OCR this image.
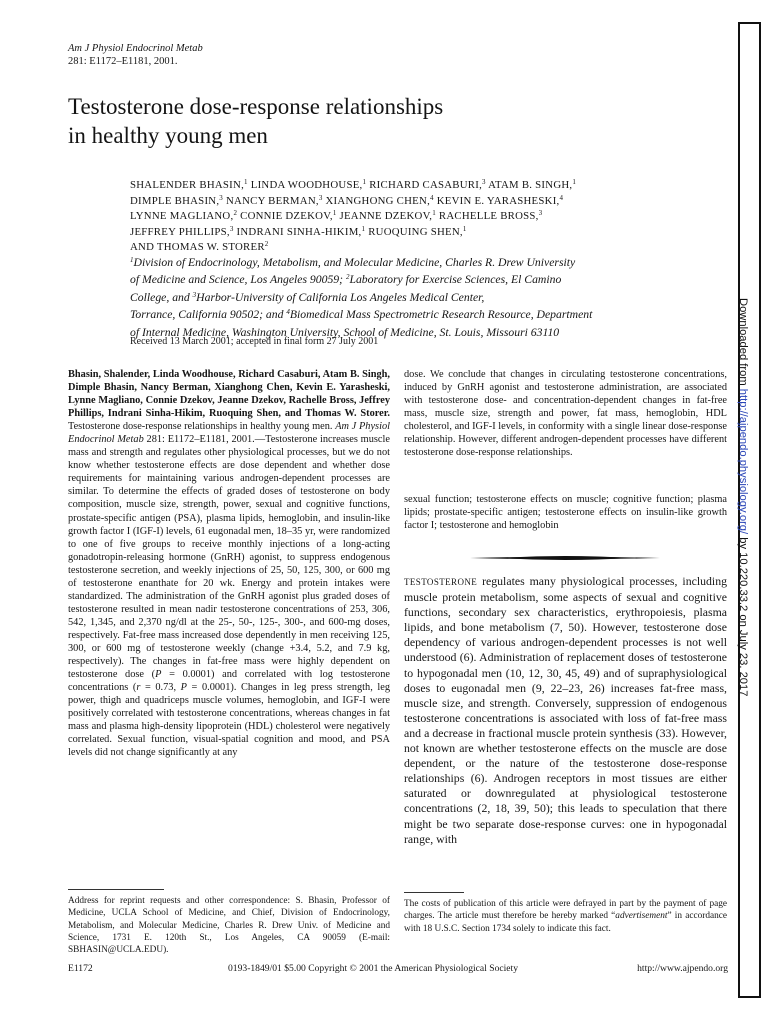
Downloaded from http://ajpendo.physiology.org/ by 10.220.33.2 on July 23, 2017
Am J Physiol Endocrinol Metab
281: E1172–E1181, 2001.
Testosterone dose-response relationships
in healthy young men
SHALENDER BHASIN,$^1$ LINDA WOODHOUSE,$^1$ RICHARD CASABURI,$^3$ ATAM B. SINGH,$^1$
DIMPLE BHASIN,$^3$ NANCY BERMAN,$^3$ XIANGHONG CHEN,$^4$ KEVIN E. YARASHESKI,$^4$
LYNNE MAGLIANO,$^2$ CONNIE DZEKOV,$^1$ JEANNE DZEKOV,$^1$ RACHELLE BROSS,$^3$
JEFFREY PHILLIPS,$^3$ INDRANI SINHA-HIKIM,$^1$ RUOQUING SHEN,$^1$
AND THOMAS W. STORER$^2$
$^1$Division of Endocrinology, Metabolism, and Molecular Medicine, Charles R. Drew University
of Medicine and Science, Los Angeles 90059; $^2$Laboratory for Exercise Sciences, El Camino
College, and $^3$Harbor-University of California Los Angeles Medical Center,
Torrance, California 90502; and $^4$Biomedical Mass Spectrometric Research Resource, Department
of Internal Medicine, Washington University, School of Medicine, St. Louis, Missouri 63110
Received 13 March 2001; accepted in final form 27 July 2001
Bhasin, Shalender, Linda Woodhouse, Richard Casaburi, Atam B. Singh, Dimple Bhasin, Nancy Berman, Xianghong Chen, Kevin E. Yarasheski, Lynne Magliano, Connie Dzekov, Jeanne Dzekov, Rachelle Bross, Jeffrey Phillips, Indrani Sinha-Hikim, Ruoquing Shen, and Thomas W. Storer. Testosterone dose-response relationships in healthy young men. Am J Physiol Endocrinol Metab 281: E1172–E1181, 2001.—Testosterone increases muscle mass and strength and regulates other physiological processes, but we do not know whether testosterone effects are dose dependent and whether dose requirements for maintaining various androgen-dependent processes are similar. To determine the effects of graded doses of testosterone on body composition, muscle size, strength, power, sexual and cognitive functions, prostate-specific antigen (PSA), plasma lipids, hemoglobin, and insulin-like growth factor I (IGF-I) levels, 61 eugonadal men, 18–35 yr, were randomized to one of five groups to receive monthly injections of a long-acting gonadotropin-releasing hormone (GnRH) agonist, to suppress endogenous testosterone secretion, and weekly injections of 25, 50, 125, 300, or 600 mg of testosterone enanthate for 20 wk. Energy and protein intakes were standardized. The administration of the GnRH agonist plus graded doses of testosterone resulted in mean nadir testosterone concentrations of 253, 306, 542, 1,345, and 2,370 ng/dl at the 25-, 50-, 125-, 300-, and 600-mg doses, respectively. Fat-free mass increased dose dependently in men receiving 125, 300, or 600 mg of testosterone weekly (change +3.4, 5.2, and 7.9 kg, respectively). The changes in fat-free mass were highly dependent on testosterone dose (P = 0.0001) and correlated with log testosterone concentrations (r = 0.73, P = 0.0001). Changes in leg press strength, leg power, thigh and quadriceps muscle volumes, hemoglobin, and IGF-I were positively correlated with testosterone concentrations, whereas changes in fat mass and plasma high-density lipoprotein (HDL) cholesterol were negatively correlated. Sexual function, visual-spatial cognition and mood, and PSA levels did not change significantly at any
dose. We conclude that changes in circulating testosterone concentrations, induced by GnRH agonist and testosterone administration, are associated with testosterone dose- and concentration-dependent changes in fat-free mass, muscle size, strength and power, fat mass, hemoglobin, HDL cholesterol, and IGF-I levels, in conformity with a single linear dose-response relationship. However, different androgen-dependent processes have different testosterone dose-response relationships.
sexual function; testosterone effects on muscle; cognitive function; plasma lipids; prostate-specific antigen; testosterone effects on insulin-like growth factor I; testosterone and hemoglobin
TESTOSTERONE regulates many physiological processes, including muscle protein metabolism, some aspects of sexual and cognitive functions, secondary sex characteristics, erythropoiesis, plasma lipids, and bone metabolism (7, 50). However, testosterone dose dependency of various androgen-dependent processes is not well understood (6). Administration of replacement doses of testosterone to hypogonadal men (10, 12, 30, 45, 49) and of supraphysiological doses to eugonadal men (9, 22–23, 26) increases fat-free mass, muscle size, and strength. Conversely, suppression of endogenous testosterone concentrations is associated with loss of fat-free mass and a decrease in fractional muscle protein synthesis (33). However, not known are whether testosterone effects on the muscle are dose dependent, or the nature of the testosterone dose-response relationships (6). Androgen receptors in most tissues are either saturated or downregulated at physiological testosterone concentrations (2, 18, 39, 50); this leads to speculation that there might be two separate dose-response curves: one in hypogonadal range, with
Address for reprint requests and other correspondence: S. Bhasin, Professor of Medicine, UCLA School of Medicine, and Chief, Division of Endocrinology, Metabolism, and Molecular Medicine, Charles R. Drew Univ. of Medicine and Science, 1731 E. 120th St., Los Angeles, CA 90059 (E-mail: SBHASIN@UCLA.EDU).
The costs of publication of this article were defrayed in part by the payment of page charges. The article must therefore be hereby marked “advertisement” in accordance with 18 U.S.C. Section 1734 solely to indicate this fact.
E1172	0193-1849/01 $5.00 Copyright © 2001 the American Physiological Society	http://www.ajpendo.org
